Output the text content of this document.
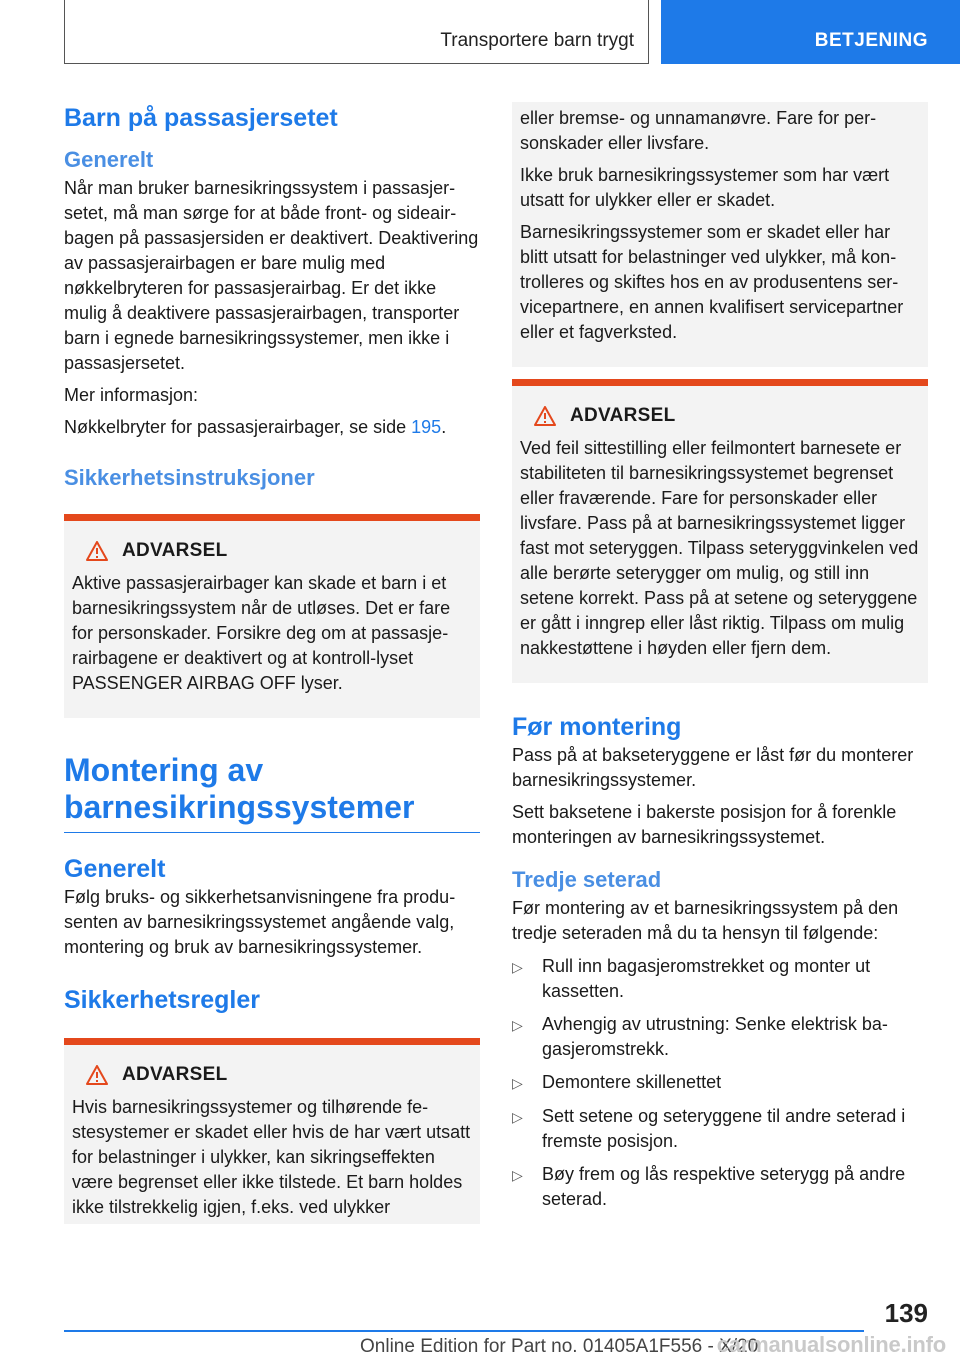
Transportere barn trygt	BETJENING
Barn på passasjersetet
Generelt

Når man bruker barnesikringssystem i passasjersetet, må man sørge for at både front- og sideairbagen på passasjersiden er deaktivert. Deaktivering av passasjerairbagen er bare mulig med nøkkelbryteren for passasjerairbag. Er det ikke mulig å deaktivere passasjerairbagen, transporter barn i egnede barnesikringssystemer, men ikke i passasjersetet.

Mer informasjon:

Nøkkelbryter for passasjerairbager, se side 195.

Sikkerhetsinstruksjoner
ADVARSEL

Aktive passasjerairbager kan skade et barn i et barnesikringssystem når de utløses. Det er fare for personskader. Forsikre deg om at passasjerairbagene er deaktivert og at kontroll-lyset PASSENGER AIRBAG OFF lyser.

Montering av barnesikringssystemer
Generelt

Følg bruks- og sikkerhetsanvisningene fra produsenten av barnesikringssystemet angående valg, montering og bruk av barnesikringssystemer.

Sikkerhetsregler
ADVARSEL

Hvis barnesikringssystemer og tilhørende festesystemer er skadet eller hvis de har vært utsatt for belastninger i ulykker, kan sikringseffekten være begrenset eller ikke tilstede. Et barn holdes ikke tilstrekkelig igjen, f.eks. ved ulykker

eller bremse- og unnamanøvre. Fare for personskader eller livsfare.

Ikke bruk barnesikringssystemer som har vært utsatt for ulykker eller er skadet.

Barnesikringssystemer som er skadet eller har blitt utsatt for belastninger ved ulykker, må kontrolleres og skiftes hos en av produsentens servicepartnere, en annen kvalifisert servicepartner eller et fagverksted.

ADVARSEL

Ved feil sittestilling eller feilmontert barnesete er stabiliteten til barnesikringssystemet begrenset eller fraværende. Fare for personskader eller livsfare. Pass på at barnesikringssystemet ligger fast mot seteryggen. Tilpass seteryggvinkelen ved alle berørte seterygger om mulig, og still inn setene korrekt. Pass på at setene og seteryggene er gått i inngrep eller låst riktig. Tilpass om mulig nakkestøttene i høyden eller fjern dem.

Før montering

Pass på at bakseteryggene er låst før du monterer barnesikringssystemer.

Sett baksetene i bakerste posisjon for å forenkle monteringen av barnesikringssystemet.

Tredje seterad

Før montering av et barnesikringssystem på den tredje seteraden må du ta hensyn til følgende:

▷	Rull inn bagasjeromstrekket og monter ut kassetten.
▷	Avhengig av utrustning: Senke elektrisk bagasjeromstrekk.
▷	Demontere skillenettet
▷	Sett setene og seteryggene til andre seterad i fremste posisjon.
▷	Bøy frem og lås respektive seterygg på andre seterad.
139
Online Edition for Part no. 01405A1F556 - X/20
carmanualsonline.info
